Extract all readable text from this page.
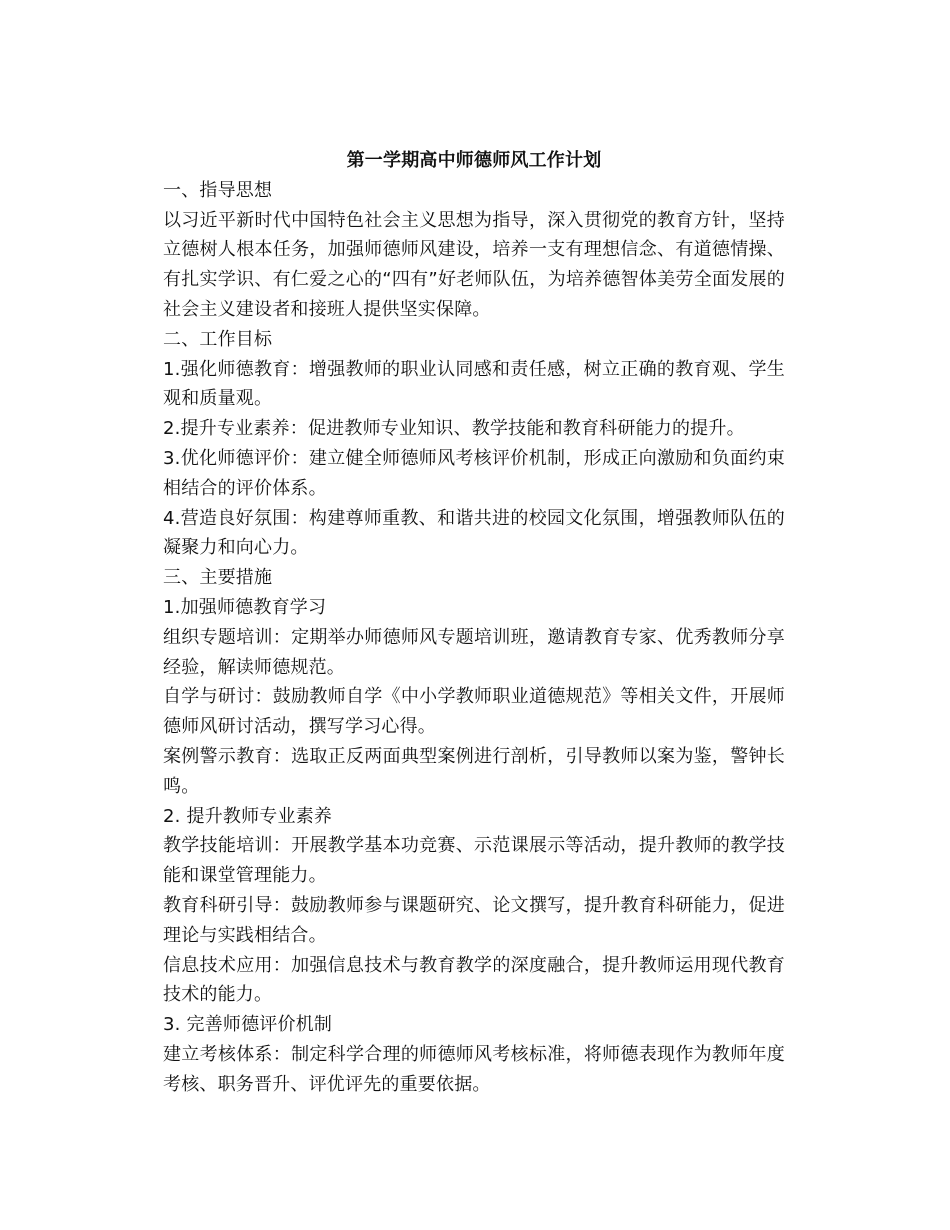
第一学期高中师德师风工作计划
一、指导思想
以习近平新时代中国特色社会主义思想为指导，深入贯彻党的教育方针，坚持立德树人根本任务，加强师德师风建设，培养一支有理想信念、有道德情操、有扎实学识、有仁爱之心的“四有”好老师队伍，为培养德智体美劳全面发展的社会主义建设者和接班人提供坚实保障。
二、工作目标
1.强化师德教育：增强教师的职业认同感和责任感，树立正确的教育观、学生观和质量观。
2.提升专业素养：促进教师专业知识、教学技能和教育科研能力的提升。
3.优化师德评价：建立健全师德师风考核评价机制，形成正向激励和负面约束相结合的评价体系。
4.营造良好氛围：构建尊师重教、和谐共进的校园文化氛围，增强教师队伍的凝聚力和向心力。
三、主要措施
1.加强师德教育学习
组织专题培训：定期举办师德师风专题培训班，邀请教育专家、优秀教师分享经验，解读师德规范。
自学与研讨：鼓励教师自学《中小学教师职业道德规范》等相关文件，开展师德师风研讨活动，撰写学习心得。
案例警示教育：选取正反两面典型案例进行剖析，引导教师以案为鉴，警钟长鸣。
2. 提升教师专业素养
教学技能培训：开展教学基本功竞赛、示范课展示等活动，提升教师的教学技能和课堂管理能力。
教育科研引导：鼓励教师参与课题研究、论文撰写，提升教育科研能力，促进理论与实践相结合。
信息技术应用：加强信息技术与教育教学的深度融合，提升教师运用现代教育技术的能力。
3. 完善师德评价机制
建立考核体系：制定科学合理的师德师风考核标准，将师德表现作为教师年度考核、职务晋升、评优评先的重要依据。
